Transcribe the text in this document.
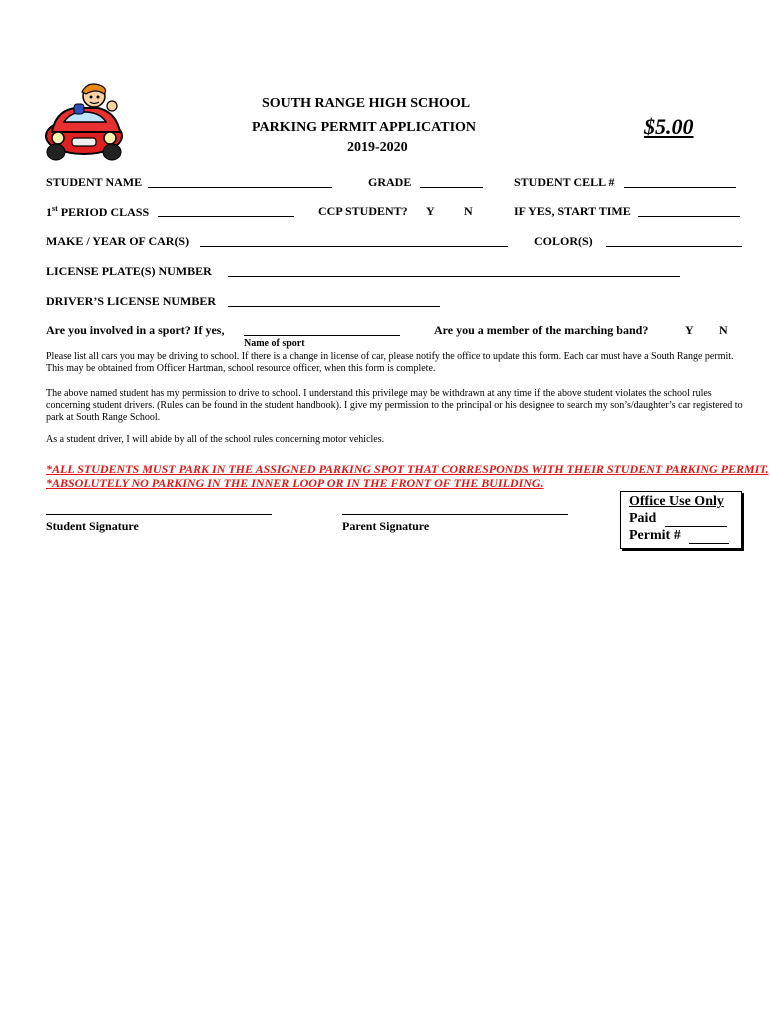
SOUTH RANGE HIGH SCHOOL
PARKING PERMIT APPLICATION
2019-2020
$5.00
STUDENT NAME	GRADE	STUDENT CELL #
1st PERIOD CLASS	CCP STUDENT? Y N	IF YES, START TIME
MAKE / YEAR OF CAR(S)	COLOR(S)
LICENSE PLATE(S) NUMBER
DRIVER’S LICENSE NUMBER
Are you involved in a sport? If yes,
Name of sport
Are you a member of the marching band?	Y N
Please list all cars you may be driving to school. If there is a change in license of car, please notify the office to update this form. Each car must have a South Range permit. This may be obtained from Officer Hartman, school resource officer, when this form is complete.
The above named student has my permission to drive to school. I understand this privilege may be withdrawn at any time if the above student violates the school rules concerning student drivers. (Rules can be found in the student handbook). I give my permission to the principal or his designee to search my son’s/daughter’s car registered to park at South Range School.
As a student driver, I will abide by all of the school rules concerning motor vehicles.
*ALL STUDENTS MUST PARK IN THE ASSIGNED PARKING SPOT THAT CORRESPONDS WITH THEIR STUDENT PARKING PERMIT.
*ABSOLUTELY NO PARKING IN THE INNER LOOP OR IN THE FRONT OF THE BUILDING.
Student Signature	Parent Signature
Office Use Only
Paid
Permit #
